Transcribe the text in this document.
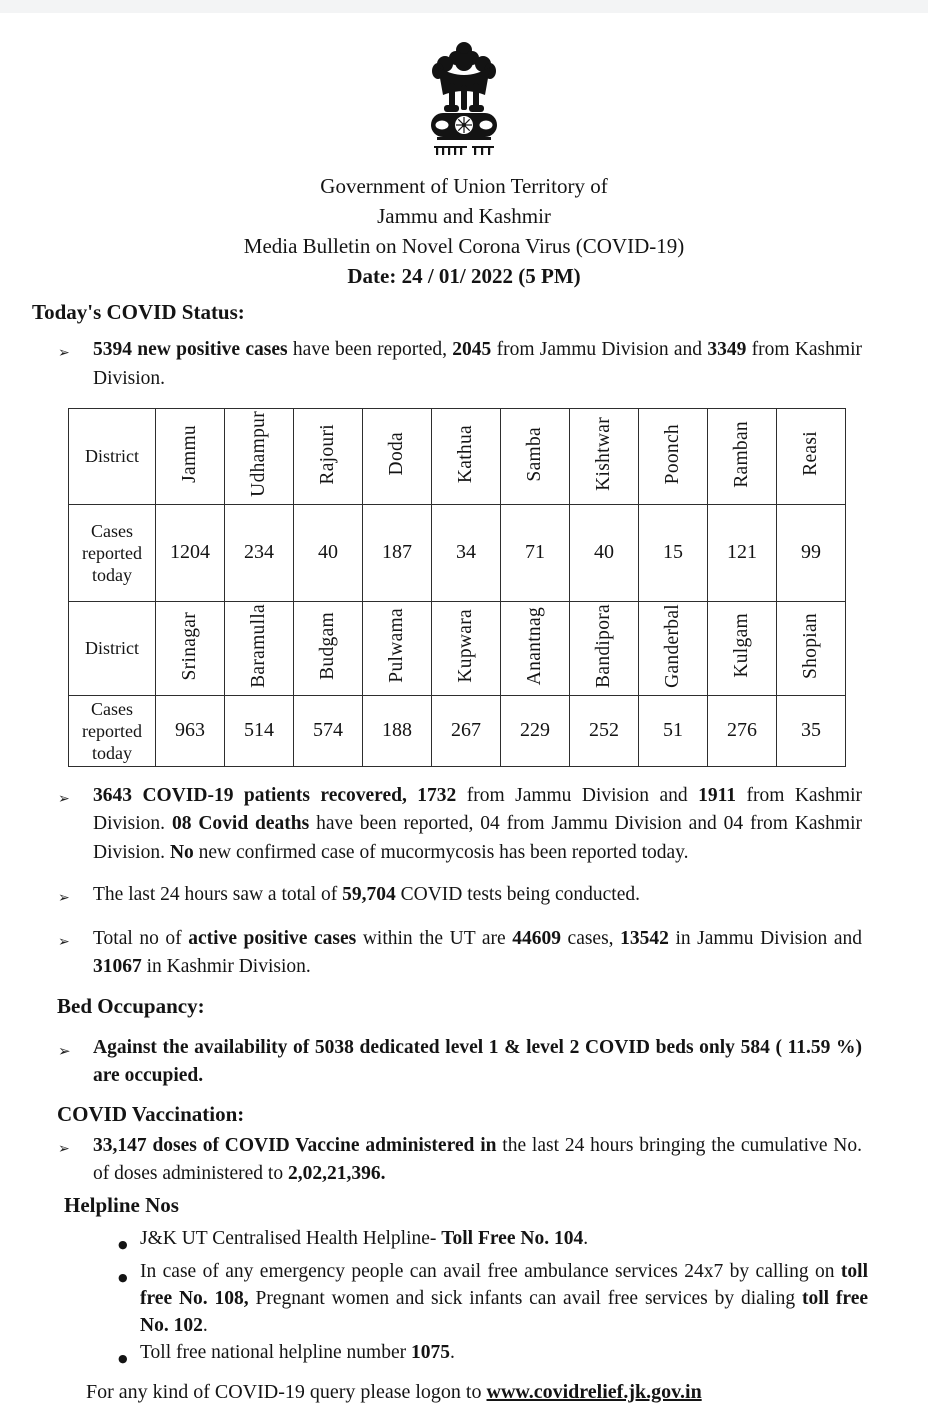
Government of Union Territory of
Jammu and Kashmir
Media Bulletin on Novel Corona Virus (COVID-19)
Date: 24 / 01/ 2022 (5 PM)
Today's COVID Status:
➢	5394 new positive cases have been reported, 2045 from Jammu Division and 3349 from Kashmir Division.
District	Jammu	Udhampur	Rajouri	Doda	Kathua	Samba	Kishtwar	Poonch	Ramban	Reasi
Cases reported today	1204	234	40	187	34	71	40	15	121	99
District	Srinagar	Baramulla	Budgam	Pulwama	Kupwara	Anantnag	Bandipora	Ganderbal	Kulgam	Shopian
Cases reported today	963	514	574	188	267	229	252	51	276	35
➢	3643 COVID-19 patients recovered, 1732 from Jammu Division and 1911 from Kashmir Division. 08 Covid deaths have been reported, 04 from Jammu Division and 04 from Kashmir Division. No new confirmed case of mucormycosis has been reported today.
➢	The last 24 hours saw a total of 59,704 COVID tests being conducted.
➢	Total no of active positive cases within the UT are 44609 cases, 13542 in Jammu Division and 31067 in Kashmir Division.
Bed Occupancy:
➢	Against the availability of 5038 dedicated level 1 & level 2 COVID beds only 584 ( 11.59 %) are occupied.
COVID Vaccination:
➢	33,147 doses of COVID Vaccine administered in the last 24 hours bringing the cumulative No. of doses administered to 2,02,21,396.
Helpline Nos
● J&K UT Centralised Health Helpline- Toll Free No. 104.
● In case of any emergency people can avail free ambulance services 24x7 by calling on toll free No. 108, Pregnant women and sick infants can avail free services by dialing toll free No. 102.
● Toll free national helpline number 1075.
For any kind of COVID-19 query please logon to www.covidrelief.jk.gov.in
